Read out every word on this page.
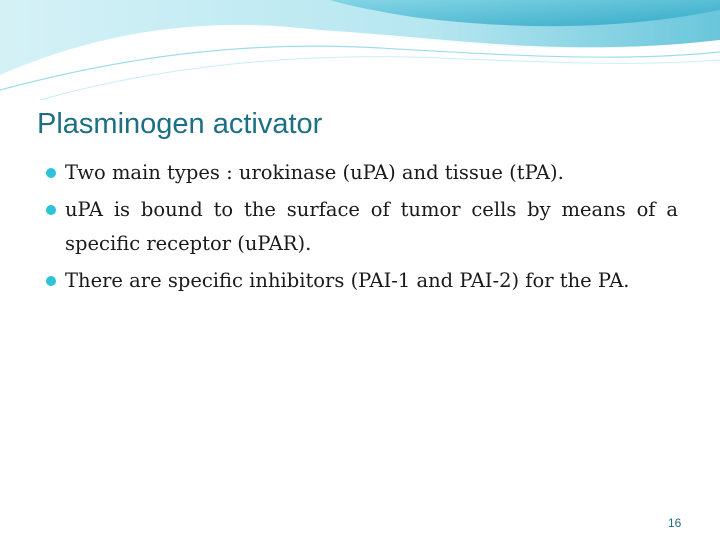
Plasminogen activator
Two main types : urokinase (uPA) and tissue (tPA).
uPA is bound to the surface of tumor cells by means of a specific receptor (uPAR).
There are specific inhibitors (PAI-1 and PAI-2) for the PA.
16
